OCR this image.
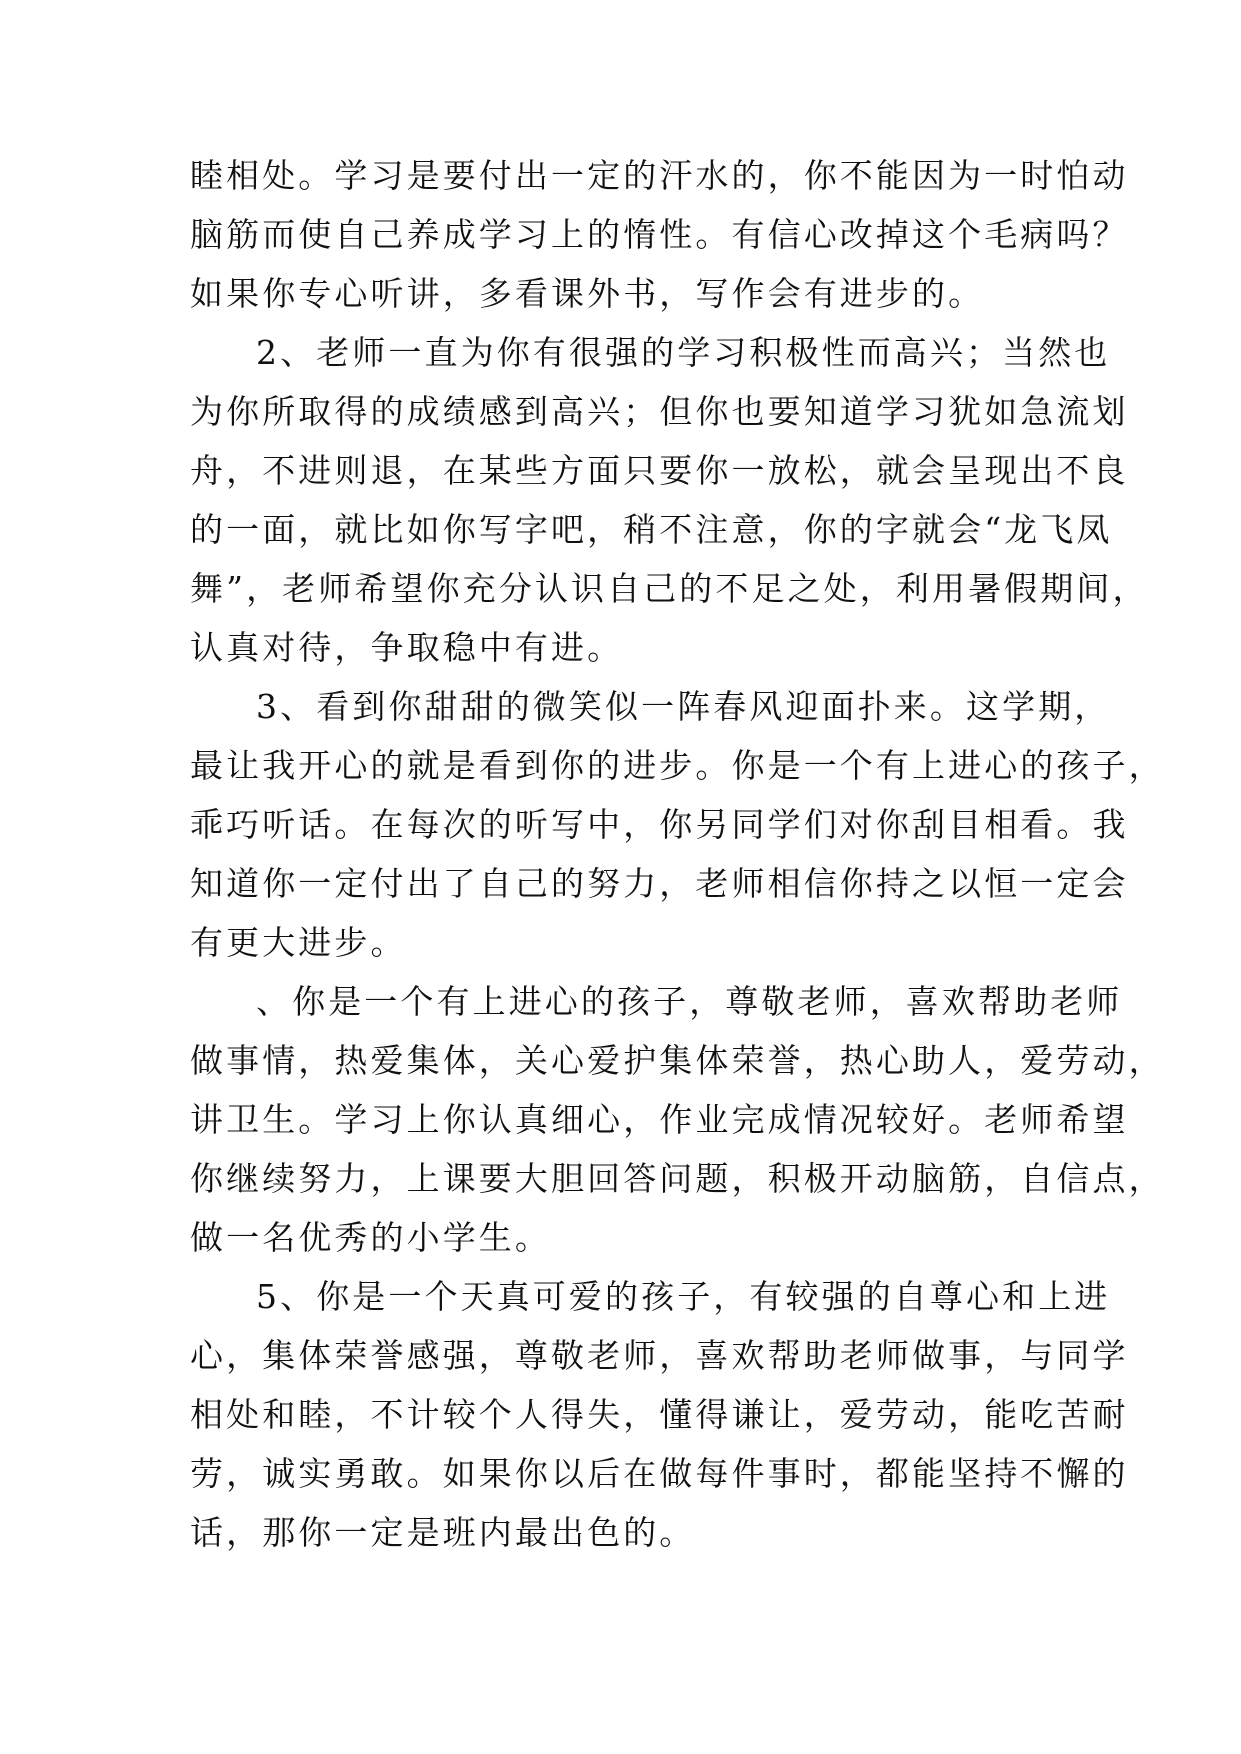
睦相处。学习是要付出一定的汗水的，你不能因为一时怕动
脑筋而使自己养成学习上的惰性。有信心改掉这个毛病吗？
如果你专心听讲，多看课外书，写作会有进步的。
2、老师一直为你有很强的学习积极性而高兴；当然也
为你所取得的成绩感到高兴；但你也要知道学习犹如急流划
舟，不进则退，在某些方面只要你一放松，就会呈现出不良
的一面，就比如你写字吧，稍不注意，你的字就会“龙飞凤
舞”，老师希望你充分认识自己的不足之处，利用暑假期间，
认真对待，争取稳中有进。
3、看到你甜甜的微笑似一阵春风迎面扑来。这学期，
最让我开心的就是看到你的进步。你是一个有上进心的孩子，
乖巧听话。在每次的听写中，你另同学们对你刮目相看。我
知道你一定付出了自己的努力，老师相信你持之以恒一定会
有更大进步。
、你是一个有上进心的孩子，尊敬老师，喜欢帮助老师
做事情，热爱集体，关心爱护集体荣誉，热心助人，爱劳动，
讲卫生。学习上你认真细心，作业完成情况较好。老师希望
你继续努力，上课要大胆回答问题，积极开动脑筋，自信点，
做一名优秀的小学生。
5、你是一个天真可爱的孩子，有较强的自尊心和上进
心，集体荣誉感强，尊敬老师，喜欢帮助老师做事，与同学
相处和睦，不计较个人得失，懂得谦让，爱劳动，能吃苦耐
劳，诚实勇敢。如果你以后在做每件事时，都能坚持不懈的
话，那你一定是班内最出色的。
